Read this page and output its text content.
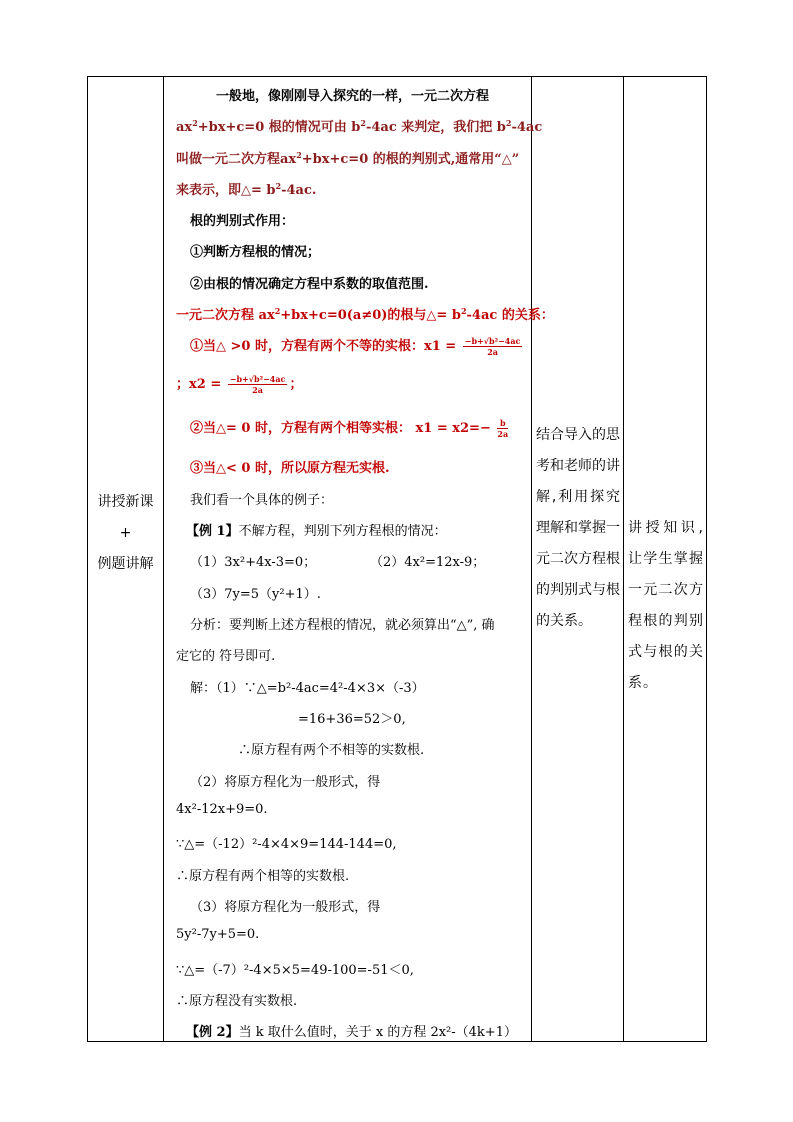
讲授新课
+
例题讲解
结合导入的思考和老师的讲解,利用探究理解和掌握一元二次方程根的判别式与根的关系。
讲授知识,让学生掌握一元二次方程根的判别式与根的关系。
一般地，像刚刚导入探究的一样，一元二次方程
$ax^2+bx+c=0$ 根的情况可由 $b^2-4ac$ 来判定，我们把 $b^2-4ac$
叫做一元二次方程$ax^2+bx+c=0$ 的根的判别式,通常用“△”
来表示，即△= $b^2-4ac$.
根的判别式作用：
①判断方程根的情况；
②由根的情况确定方程中系数的取值范围.
一元二次方程 $ax^2+bx+c=0(a\ne 0)$的根与△= $b^2-4ac$ 的关系：
①当△ >0 时，方程有两个不等的实根：$x1 = \frac{\text{−b+√b²−4ac}}{2a}$
；$x2 = \frac{\text{−b+√b²−4ac}}{2a}$ ；
②当△= 0 时，方程有两个相等实根： $x1 = x2=- \frac{b}{2a}$
③当△< 0 时，所以原方程无实根.
我们看一个具体的例子：
【例 1】不解方程，判别下列方程根的情况：
（1）3x²+4x-3=0；	（2）4x²=12x-9；
（3）7y=5（y²+1）.
分析：要判断上述方程根的情况，就必须算出“△”, 确
定它的 符号即可.
解：（1）∵△=b²-4ac=4²-4×3×（-3）
=16+36=52＞0,
∴原方程有两个不相等的实数根.
（2）将原方程化为一般形式，得
4x²-12x+9=0.
∵△=（-12）²-4×4×9=144-144=0,
∴原方程有两个相等的实数根.
（3）将原方程化为一般形式，得
5y²-7y+5=0.
∵△=（-7）²-4×5×5=49-100=-51＜0,
∴原方程没有实数根.
【例 2】当 k 取什么值时，关于 x 的方程 2x²-（4k+1）
